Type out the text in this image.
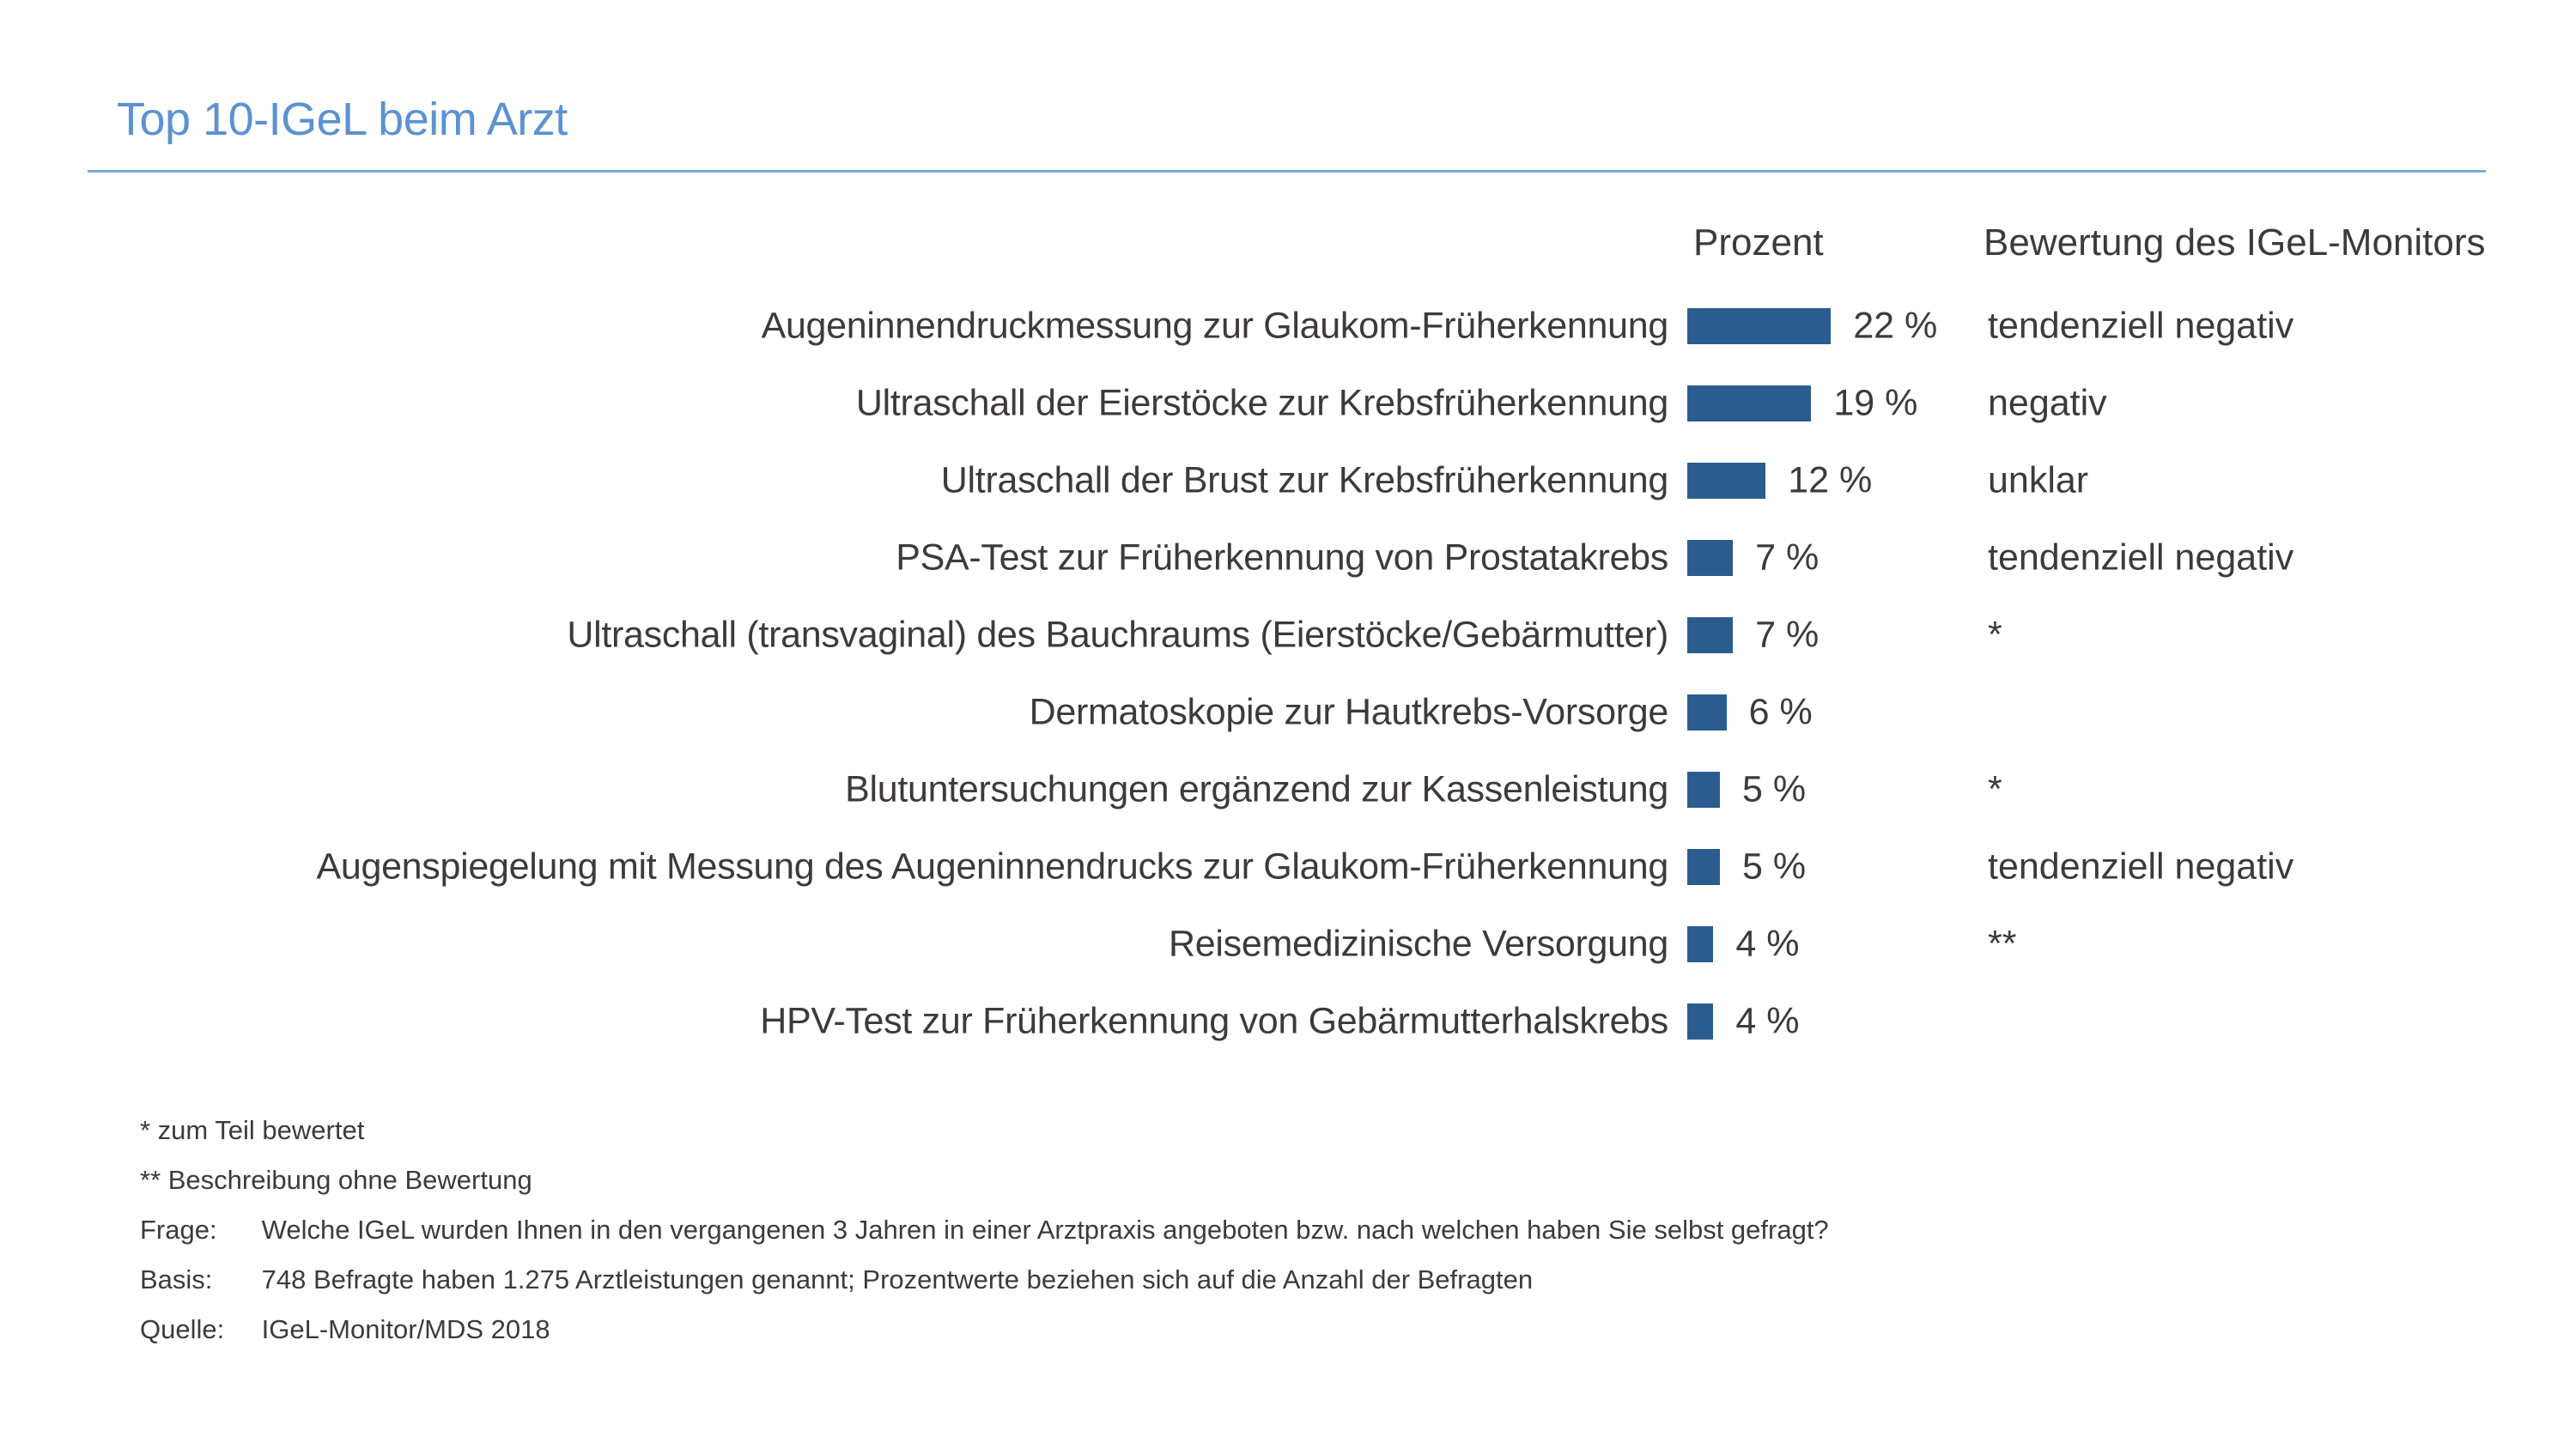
Top 10-IGeL beim Arzt
Prozent	Bewertung des IGeL-Monitors
Augeninnendruckmessung zur Glaukom-Früherkennung	22 % tendenziell negativ
Ultraschall der Eierstöcke zur Krebsfrüherkennung	19 % negativ
Ultraschall der Brust zur Krebsfrüherkennung	12 %	unklar
PSA-Test zur Früherkennung von Prostatakrebs 7 %	tendenziell negativ
Ultraschall (transvaginal) des Bauchraums (Eierstöcke/Gebärmutter) 7 %	*
Dermatoskopie zur Hautkrebs-Vorsorge 6 %
Blutuntersuchungen ergänzend zur Kassenleistung 5 %	*
Augenspiegelung mit Messung des Augeninnendrucks zur Glaukom-Früherkennung 5 %	tendenziell negativ
Reisemedizinische Versorgung 4 %	**
HPV-Test zur Früherkennung von Gebärmutterhalskrebs 4 %
* zum Teil bewertet
** Beschreibung ohne Bewertung
Frage: Welche IGeL wurden Ihnen in den vergangenen 3 Jahren in einer Arztpraxis angeboten bzw. nach welchen haben Sie selbst gefragt?
Basis: 748 Befragte haben 1.275 Arztleistungen genannt; Prozentwerte beziehen sich auf die Anzahl der Befragten
Quelle: IGeL-Monitor/MDS 2018
